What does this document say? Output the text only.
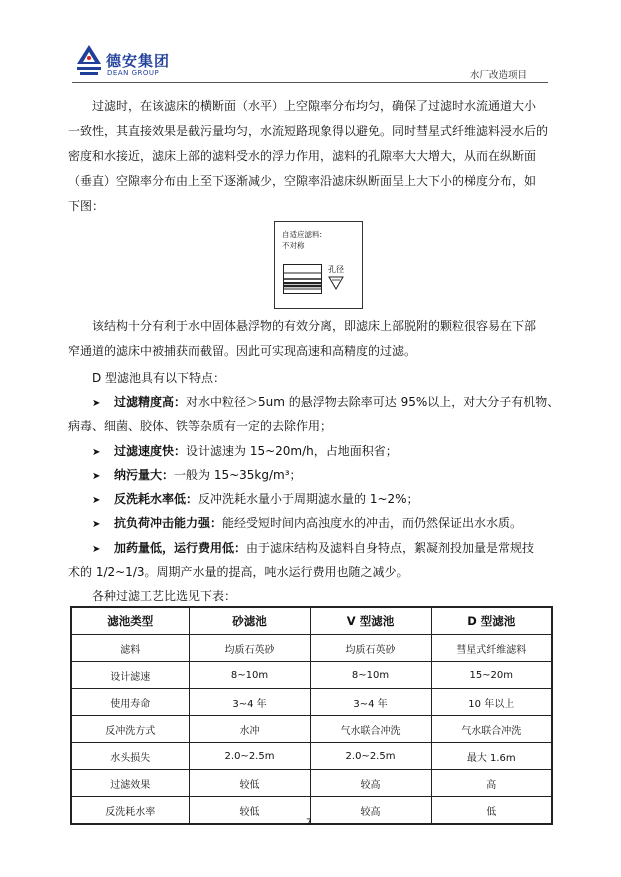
德安集团
DEAN GROUP	水厂改造项目
过滤时，在该滤床的横断面（水平）上空隙率分布均匀，确保了过滤时水流通道大小
一致性，其直接效果是截污量均匀，水流短路现象得以避免。同时彗星式纤维滤料浸水后的
密度和水接近，滤床上部的滤料受水的浮力作用，滤料的孔隙率大大增大，从而在纵断面
（垂直）空隙率分布由上至下逐渐减少，空隙率沿滤床纵断面呈上大下小的梯度分布，如
下图：
自适应滤料:
不对称
孔径
该结构十分有利于水中固体悬浮物的有效分离，即滤床上部脱附的颗粒很容易在下部
窄通道的滤床中被捕获而截留。因此可实现高速和高精度的过滤。
D 型滤池具有以下特点：
➤ 过滤精度高：对水中粒径＞5um 的悬浮物去除率可达 95%以上，对大分子有机物、
病毒、细菌、胶体、铁等杂质有一定的去除作用；
➤ 过滤速度快：设计滤速为 15~20m/h，占地面积省；
➤ 纳污量大：一般为 15~35kg/m³；
➤ 反洗耗水率低：反冲洗耗水量小于周期滤水量的 1~2%；
➤ 抗负荷冲击能力强：能经受短时间内高浊度水的冲击，而仍然保证出水水质。
➤ 加药量低，运行费用低：由于滤床结构及滤料自身特点，絮凝剂投加量是常规技
术的 1/2~1/3。周期产水量的提高，吨水运行费用也随之减少。
各种过滤工艺比选见下表：
滤池类型	砂滤池	V 型滤池	D 型滤池
滤料	均质石英砂	均质石英砂	彗星式纤维滤料
设计滤速	8~10m	8~10m	15~20m
使用寿命	3~4 年	3~4 年	10 年以上
反冲洗方式	水冲	气水联合冲洗	气水联合冲洗
水头损失	2.0~2.5m	2.0~2.5m	最大 1.6m
过滤效果	较低	较高	高
反洗耗水率	较低	较高	低
7
